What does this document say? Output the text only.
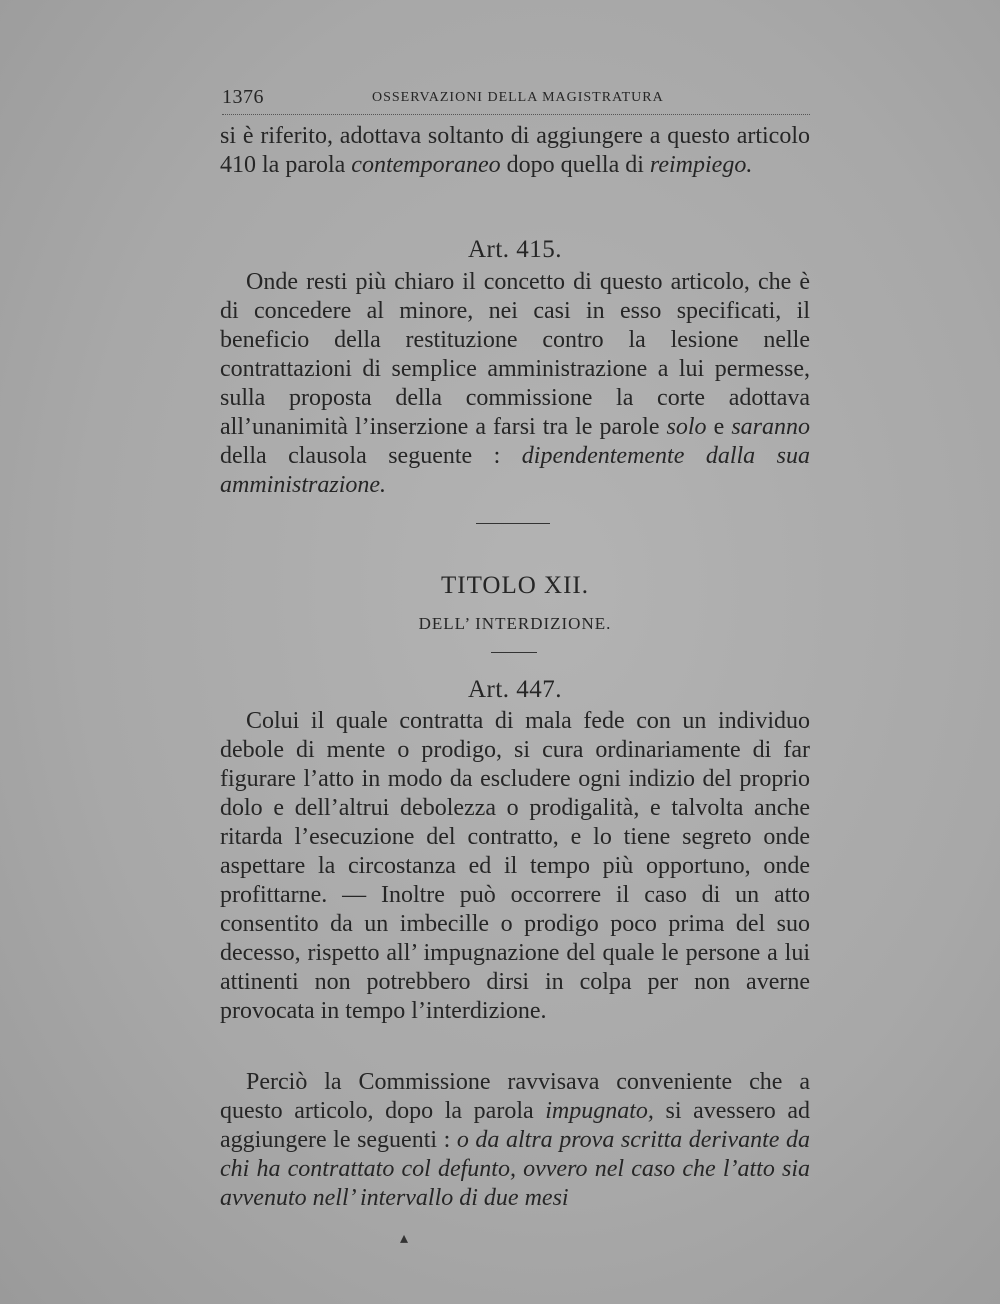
1376	OSSERVAZIONI DELLA MAGISTRATURA
si è riferito, adottava soltanto di aggiungere a questo articolo 410 la parola contemporaneo dopo quella di reimpiego.
Art. 415.
Onde resti più chiaro il concetto di questo articolo, che è di concedere al minore, nei casi in esso specificati, il beneficio della restituzione contro la lesione nelle contrattazioni di semplice amministrazione a lui permesse, sulla proposta della commissione la corte adottava all’unanimità l’inserzione a farsi tra le parole solo e saranno della clausola seguente : dipendentemente dalla sua amministrazione.
TITOLO XII.
DELL’ INTERDIZIONE.
Art. 447.
Colui il quale contratta di mala fede con un individuo debole di mente o prodigo, si cura ordinariamente di far figurare l’atto in modo da escludere ogni indizio del proprio dolo e dell’altrui debolezza o prodigalità, e talvolta anche ritarda l’esecuzione del contratto, e lo tiene segreto onde aspettare la circostanza ed il tempo più opportuno, onde profittarne. — Inoltre può occorrere il caso di un atto consentito da un imbecille o prodigo poco prima del suo decesso, rispetto all’ impugnazione del quale le persone a lui attinenti non potrebbero dirsi in colpa per non averne provocata in tempo l’interdizione.
Perciò la Commissione ravvisava conveniente che a questo articolo, dopo la parola impugnato, si avessero ad aggiungere le seguenti : o da altra prova scritta derivante da chi ha contrattato col defunto, ovvero nel caso che l’atto sia avvenuto nell’ intervallo di due mesi
▴
